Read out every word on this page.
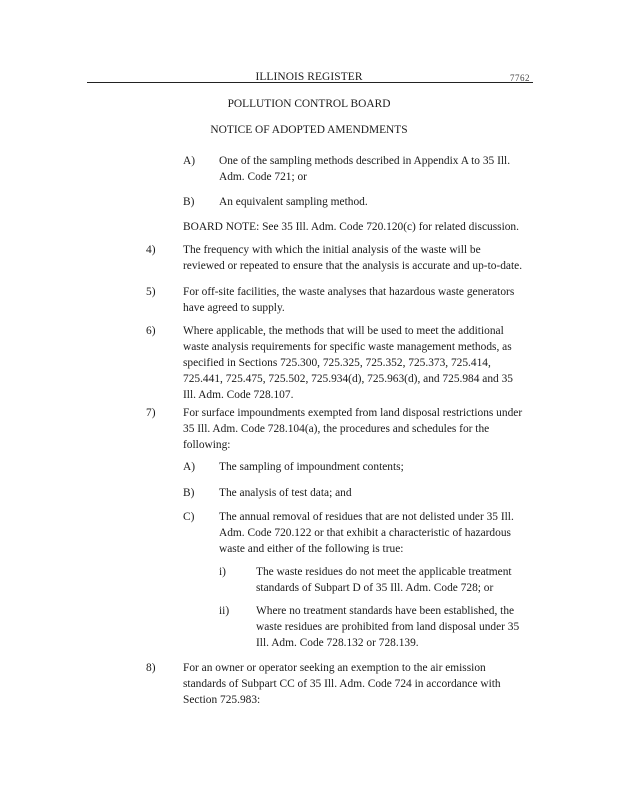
ILLINOIS REGISTER	7762
POLLUTION CONTROL BOARD
NOTICE OF ADOPTED AMENDMENTS
A) One of the sampling methods described in Appendix A to 35 Ill.
Adm. Code 721; or
B) An equivalent sampling method.
BOARD NOTE: See 35 Ill. Adm. Code 720.120(c) for related discussion.
4) The frequency with which the initial analysis of the waste will be
reviewed or repeated to ensure that the analysis is accurate and up-to-date.
5) For off-site facilities, the waste analyses that hazardous waste generators
have agreed to supply.
6) Where applicable, the methods that will be used to meet the additional
waste analysis requirements for specific waste management methods, as
specified in Sections 725.300, 725.325, 725.352, 725.373, 725.414,
725.441, 725.475, 725.502, 725.934(d), 725.963(d), and 725.984 and 35
Ill. Adm. Code 728.107.
7) For surface impoundments exempted from land disposal restrictions under
35 Ill. Adm. Code 728.104(a), the procedures and schedules for the
following:
A) The sampling of impoundment contents;
B) The analysis of test data; and
C) The annual removal of residues that are not delisted under 35 Ill.
Adm. Code 720.122 or that exhibit a characteristic of hazardous
waste and either of the following is true:
i)	The waste residues do not meet the applicable treatment
standards of Subpart D of 35 Ill. Adm. Code 728; or
ii) Where no treatment standards have been established, the
waste residues are prohibited from land disposal under 35
Ill. Adm. Code 728.132 or 728.139.
8) For an owner or operator seeking an exemption to the air emission
standards of Subpart CC of 35 Ill. Adm. Code 724 in accordance with
Section 725.983:
